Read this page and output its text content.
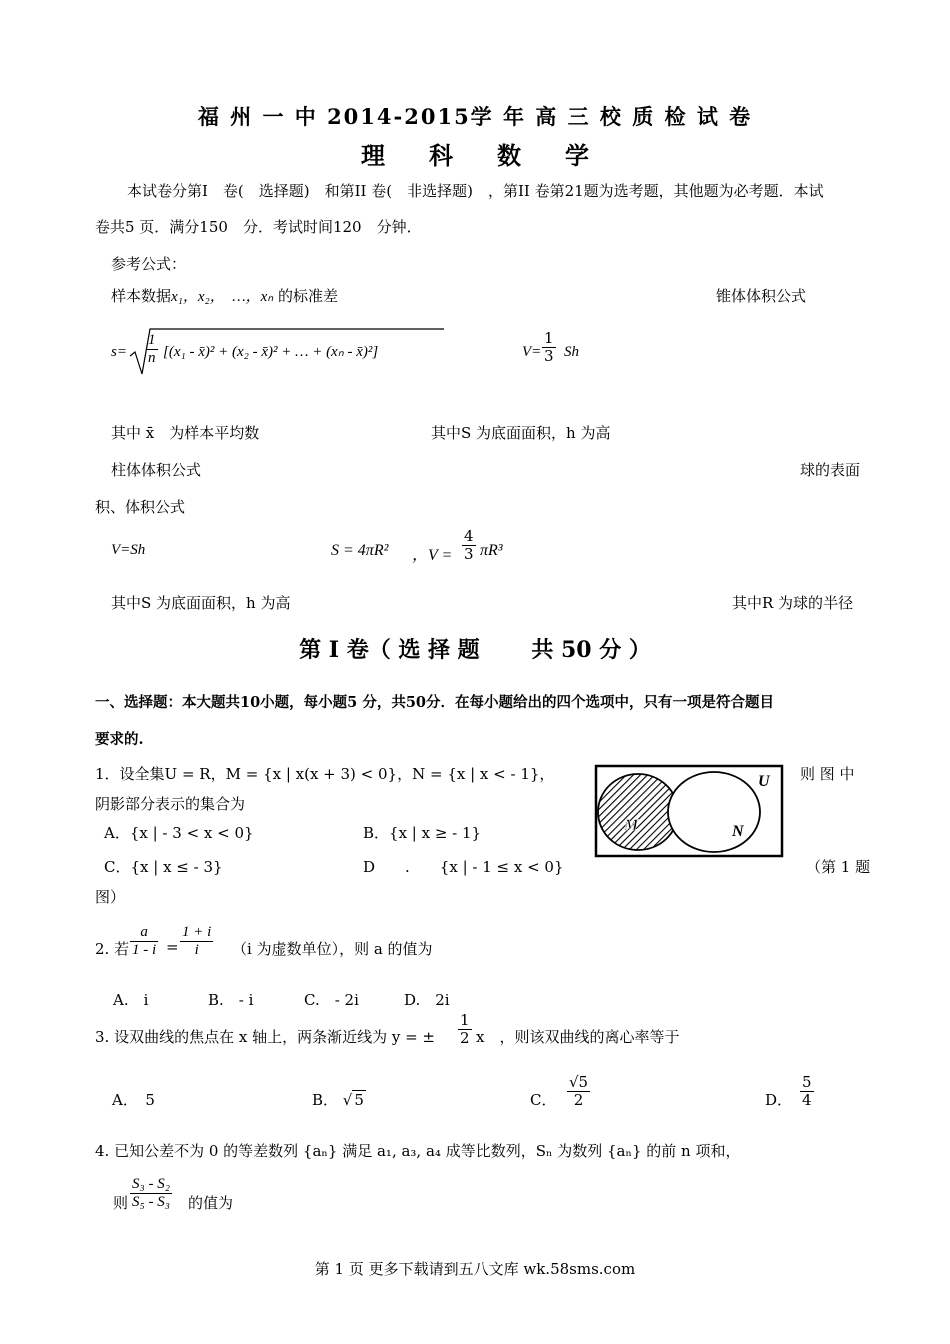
福 州 一 中 2014-2015学 年 高 三 校 质 检 试 卷
理 科 数 学
本试卷分第I　卷(　选择题)　和第II 卷(　非选择题)　，第II 卷第21题为选考题，其他题为必考题．本试
卷共5 页．满分150　分．考试时间120　分钟．
参考公式：
样本数据x₁，x₂，　…，xₙ 的标准差	锥体体积公式
$s= \frac{1}{n} [(x_1$ - x̄)² + (x₂ - x̄)² + … + (xₙ - x̄)²]	$V= \frac{1}{3}$ Sh
其中 x̄　为样本平均数	其中S 为底面面积，h 为高
柱体体积公式	球的表面
积、体积公式
V=Sh	S = 4πR² ，$V = \frac{4}{3} \pi R^3$
其中S 为底面面积，h 为高	其中R 为球的半径
第 Ⅰ 卷（ 选 择 题　　 共 50 分 ）
一、选择题：本大题共10小题，每小题5 分，共50分．在每小题给出的四个选项中，只有一项是符合题目
要求的.
1．设全集U = R，M = {x | x(x + 3) < 0}，N = {x | x < - 1}，	则 图 中
阴影部分表示的集合为
A．{x | - 3 < x < 0}	B．{x | x ≥ - 1}
C．{x | x ≤ - 3}	D　　.　　{x | - 1 ≤ x < 0}	（第 1 题
图）
U
M	N
2. 若 $\frac{a}{1 - i} = \frac{1 + i}{i} (i$ 为虚数单位），则 a 的值为
A.　i	B.　- i	C.　- 2i	D.　2i
3. 设双曲线的焦点在 x 轴上，两条渐近线为 y = ± $\frac{1}{2}$ x　，则该双曲线的离心率等于
A．　5	B． √ 5	C． $\frac{√5}{2}$	D． $\frac{5}{4}$
4. 已知公差不为 0 的等差数列 {aₙ} 满足 a₁, a₃, a₄ 成等比数列，Sₙ 为数列 {aₙ} 的前 n 项和，
则 $\frac{\text{S₃ - S₂}}{\text{S₅ - S₃}}$ 的值为
第 1 页 更多下载请到五八文库 wk.58sms.com
